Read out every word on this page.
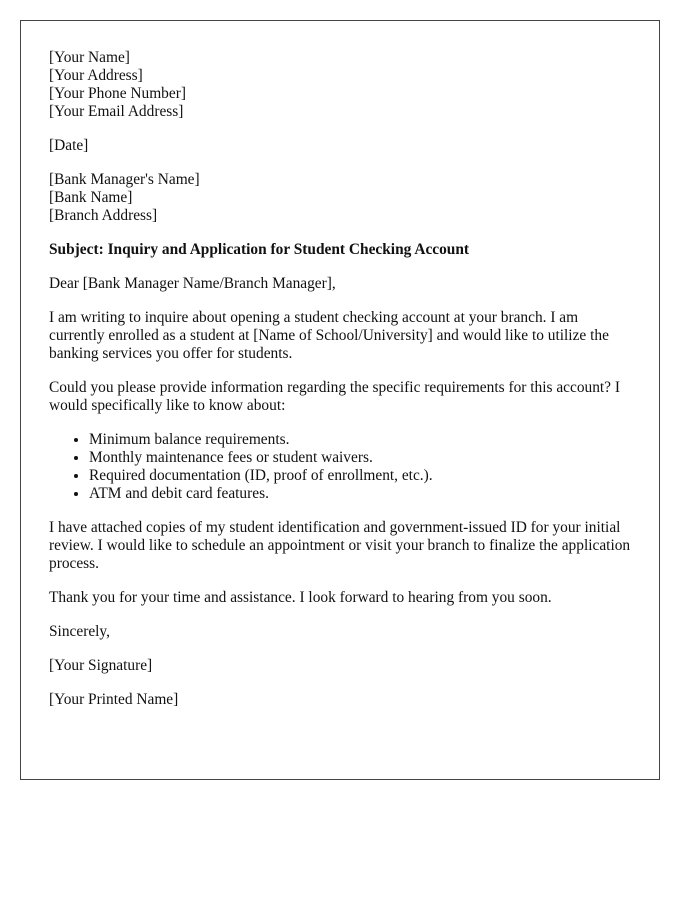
[Your Name]
[Your Address]
[Your Phone Number]
[Your Email Address]

[Date]

[Bank Manager's Name]
[Bank Name]
[Branch Address]

Subject: Inquiry and Application for Student Checking Account

Dear [Bank Manager Name/Branch Manager],

I am writing to inquire about opening a student checking account at your branch. I am currently enrolled as a student at [Name of School/University] and would like to utilize the banking services you offer for students.

Could you please provide information regarding the specific requirements for this account? I would specifically like to know about:

• Minimum balance requirements.
• Monthly maintenance fees or student waivers.
• Required documentation (ID, proof of enrollment, etc.).
• ATM and debit card features.

I have attached copies of my student identification and government-issued ID for your initial review. I would like to schedule an appointment or visit your branch to finalize the application process.

Thank you for your time and assistance. I look forward to hearing from you soon.

Sincerely,

[Your Signature]

[Your Printed Name]
